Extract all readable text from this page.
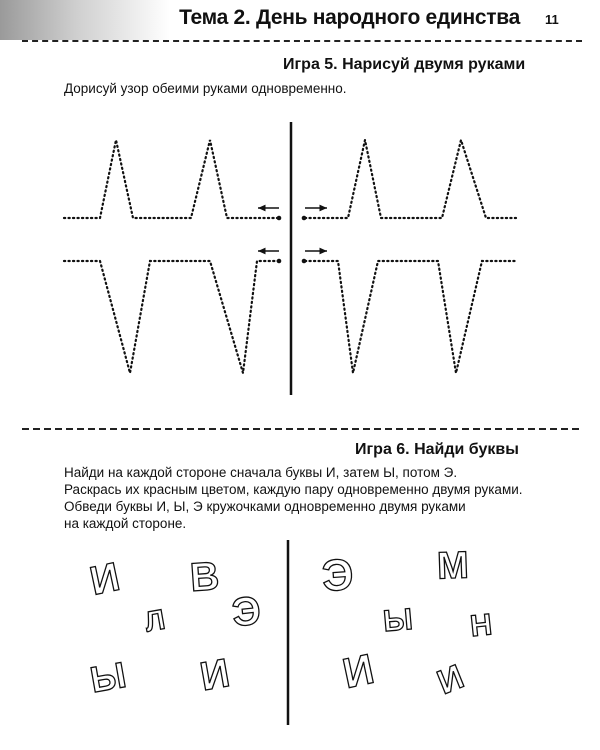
Тема 2. День народного единства 11
Игра 5. Нарисуй двумя руками
Дорисуй узор обеими руками одновременно.
И В
Л Э
Ы И
Э М
Ы Н
И И
Игра 6. Найди буквы
Найди на каждой стороне сначала буквы И, затем Ы, потом Э.
Раскрась их красным цветом, каждую пару одновременно двумя руками.
Обведи буквы И, Ы, Э кружочками одновременно двумя руками
на каждой стороне.
